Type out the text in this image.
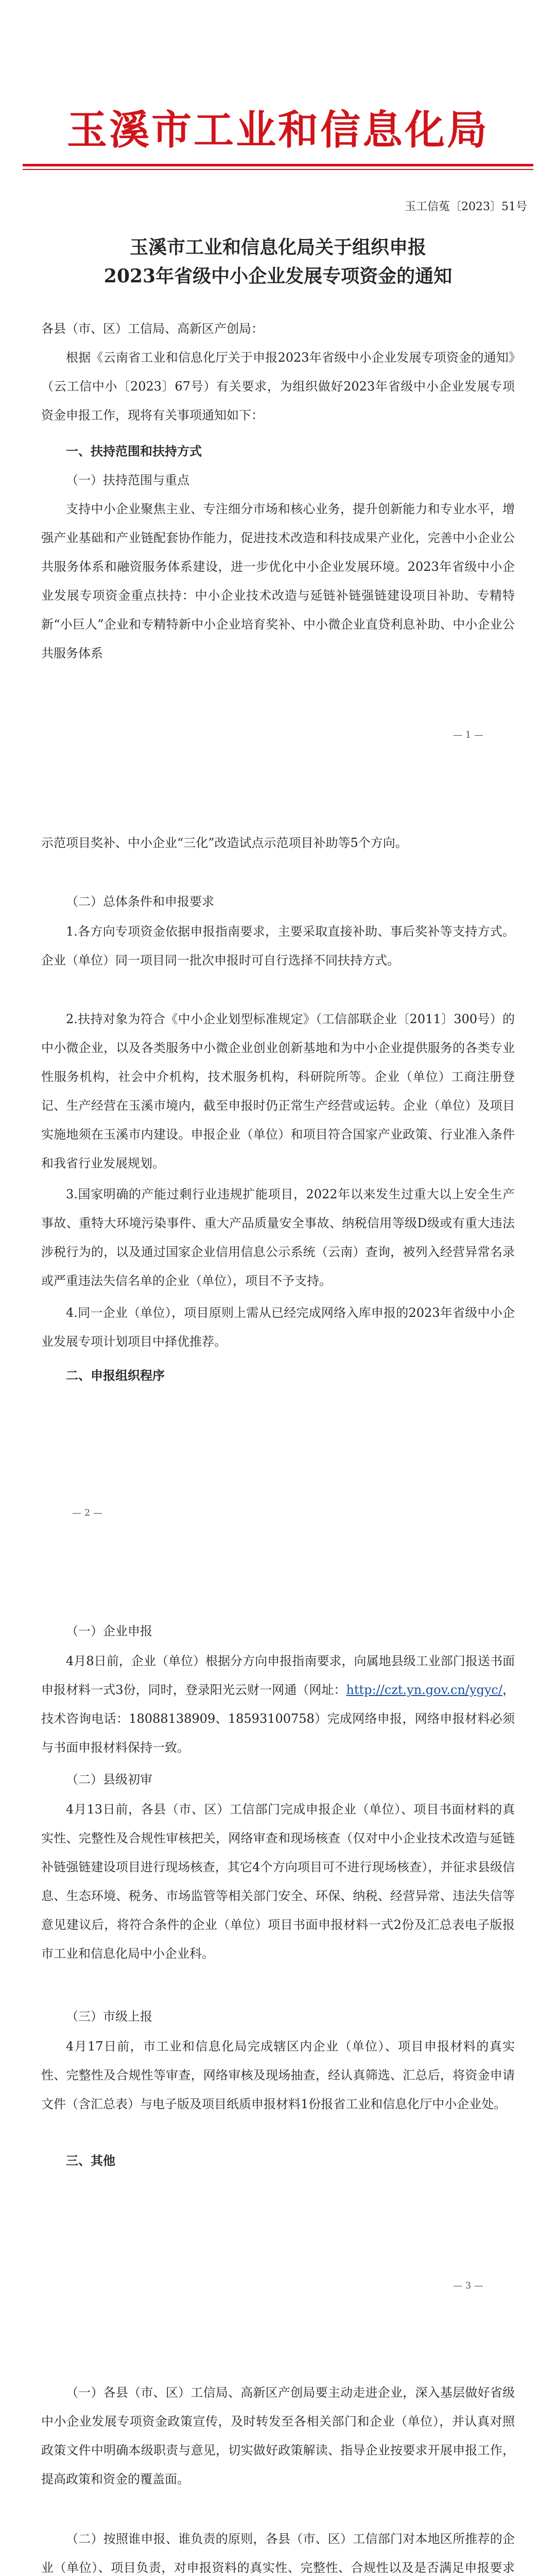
玉溪市工业和信息化局
玉工信菟〔2023〕51号
玉溪市工业和信息化局关于组织申报
2023年省级中小企业发展专项资金的通知

各县（市、区）工信局、高新区产创局：

根据《云南省工业和信息化厅关于申报2023年省级中小企业发展专项资金的通知》（云工信中小〔2023〕67号）有关要求，为组织做好2023年省级中小企业发展专项资金申报工作，现将有关事项通知如下：

一、扶持范围和扶持方式
（一）扶持范围与重点

支持中小企业聚焦主业、专注细分市场和核心业务，提升创新能力和专业水平，增强产业基础和产业链配套协作能力，促进技术改造和科技成果产业化，完善中小企业公共服务体系和融资服务体系建设，进一步优化中小企业发展环境。2023年省级中小企业发展专项资金重点扶持：中小企业技术改造与延链补链强链建设项目补助、专精特新“小巨人”企业和专精特新中小企业培育奖补、中小微企业直贷利息补助、中小企业公共服务体系

— 1 —

示范项目奖补、中小企业“三化”改造试点示范项目补助等5个方向。

（二）总体条件和申报要求

1.各方向专项资金依据申报指南要求，主要采取直接补助、事后奖补等支持方式。企业（单位）同一项目同一批次申报时可自行选择不同扶持方式。

2.扶持对象为符合《中小企业划型标准规定》（工信部联企业〔2011〕300号）的中小微企业，以及各类服务中小微企业创业创新基地和为中小企业提供服务的各类专业性服务机构，社会中介机构，技术服务机构，科研院所等。企业（单位）工商注册登记、生产经营在玉溪市境内，截至申报时仍正常生产经营或运转。企业（单位）及项目实施地须在玉溪市内建设。申报企业（单位）和项目符合国家产业政策、行业准入条件和我省行业发展规划。

3.国家明确的产能过剩行业违规扩能项目，2022年以来发生过重大以上安全生产事故、重特大环境污染事件、重大产品质量安全事故、纳税信用等级D级或有重大违法涉税行为的，以及通过国家企业信用信息公示系统（云南）查询，被列入经营异常名录或严重违法失信名单的企业（单位），项目不予支持。

4.同一企业（单位），项目原则上需从已经完成网络入库申报的2023年省级中小企业发展专项计划项目中择优推荐。

二、申报组织程序
— 2 —
（一）企业申报

4月8日前，企业（单位）根据分方向申报指南要求，向属地县级工业部门报送书面申报材料一式3份，同时，登录阳光云财一网通（网址：http://czt.yn.gov.cn/ygyc/，技术咨询电话：18088138909、18593100758）完成网络申报，网络申报材料必须与书面申报材料保持一致。

（二）县级初审

4月13日前，各县（市、区）工信部门完成申报企业（单位）、项目书面材料的真实性、完整性及合规性审核把关，网络审查和现场核查（仅对中小企业技术改造与延链补链强链建设项目进行现场核查，其它4个方向项目可不进行现场核查），并征求县级信息、生态环境、税务、市场监管等相关部门安全、环保、纳税、经营异常、违法失信等意见建议后，将符合条件的企业（单位）项目书面申报材料一式2份及汇总表电子版报市工业和信息化局中小企业科。

（三）市级上报

4月17日前，市工业和信息化局完成辖区内企业（单位）、项目申报材料的真实性、完整性及合规性等审查，网络审核及现场抽查，经认真筛选、汇总后，将资金申请文件（含汇总表）与电子版及项目纸质申报材料1份报省工业和信息化厅中小企业处。

三、其他
— 3 —

（一）各县（市、区）工信局、高新区产创局要主动走进企业，深入基层做好省级中小企业发展专项资金政策宣传，及时转发至各相关部门和企业（单位），并认真对照政策文件中明确本级职责与意见，切实做好政策解读、指导企业按要求开展申报工作，提高政策和资金的覆盖面。

（二）按照谁申报、谁负责的原则，各县（市、区）工信部门对本地区所推荐的企业（单位）、项目负责，对申报资料的真实性、完整性、合规性以及是否满足申报要求
